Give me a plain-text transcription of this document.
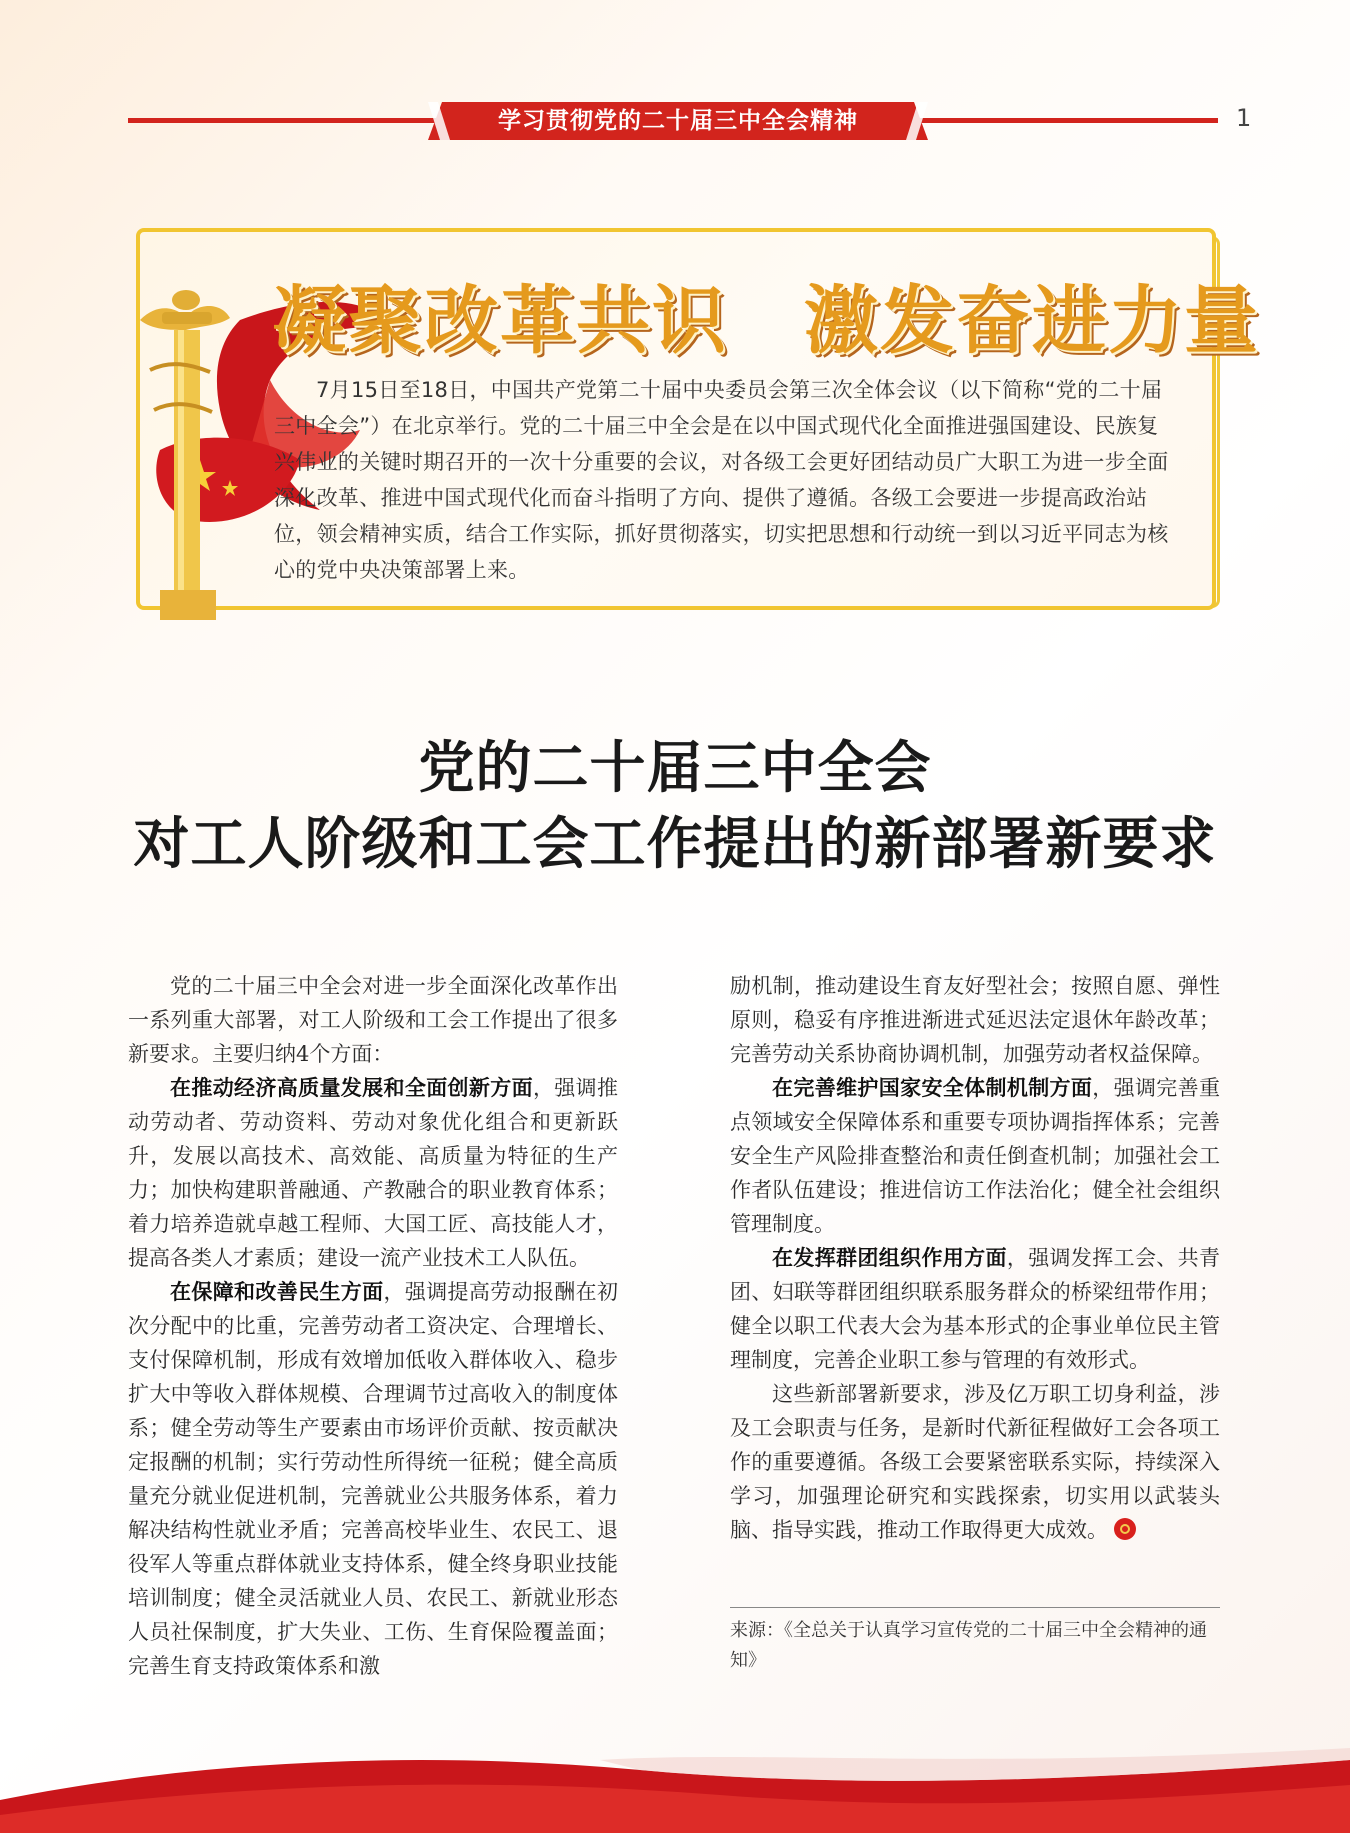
学习贯彻党的二十届三中全会精神	1
凝聚改革共识　激发奋进力量
7月15日至18日，中国共产党第二十届中央委员会第三次全体会议（以下简称“党的二十届三中全会”）在北京举行。党的二十届三中全会是在以中国式现代化全面推进强国建设、民族复兴伟业的关键时期召开的一次十分重要的会议，对各级工会更好团结动员广大职工为进一步全面深化改革、推进中国式现代化而奋斗指明了方向、提供了遵循。各级工会要进一步提高政治站位，领会精神实质，结合工作实际，抓好贯彻落实，切实把思想和行动统一到以习近平同志为核心的党中央决策部署上来。
党的二十届三中全会
对工人阶级和工会工作提出的新部署新要求

党的二十届三中全会对进一步全面深化改革作出一系列重大部署，对工人阶级和工会工作提出了很多新要求。主要归纳4个方面：

在推动经济高质量发展和全面创新方面，强调推动劳动者、劳动资料、劳动对象优化组合和更新跃升，发展以高技术、高效能、高质量为特征的生产力；加快构建职普融通、产教融合的职业教育体系；着力培养造就卓越工程师、大国工匠、高技能人才，提高各类人才素质；建设一流产业技术工人队伍。

在保障和改善民生方面，强调提高劳动报酬在初次分配中的比重，完善劳动者工资决定、合理增长、支付保障机制，形成有效增加低收入群体收入、稳步扩大中等收入群体规模、合理调节过高收入的制度体系；健全劳动等生产要素由市场评价贡献、按贡献决定报酬的机制；实行劳动性所得统一征税；健全高质量充分就业促进机制，完善就业公共服务体系，着力解决结构性就业矛盾；完善高校毕业生、农民工、退役军人等重点群体就业支持体系，健全终身职业技能培训制度；健全灵活就业人员、农民工、新就业形态人员社保制度，扩大失业、工伤、生育保险覆盖面；完善生育支持政策体系和激

励机制，推动建设生育友好型社会；按照自愿、弹性原则，稳妥有序推进渐进式延迟法定退休年龄改革；完善劳动关系协商协调机制，加强劳动者权益保障。

在完善维护国家安全体制机制方面，强调完善重点领域安全保障体系和重要专项协调指挥体系；完善安全生产风险排查整治和责任倒查机制；加强社会工作者队伍建设；推进信访工作法治化；健全社会组织管理制度。

在发挥群团组织作用方面，强调发挥工会、共青团、妇联等群团组织联系服务群众的桥梁纽带作用；健全以职工代表大会为基本形式的企事业单位民主管理制度，完善企业职工参与管理的有效形式。

这些新部署新要求，涉及亿万职工切身利益，涉及工会职责与任务，是新时代新征程做好工会各项工作的重要遵循。各级工会要紧密联系实际，持续深入学习，加强理论研究和实践探索，切实用以武装头脑、指导实践，推动工作取得更大成效。

来源：《全总关于认真学习宣传党的二十届三中全会精神的通知》
